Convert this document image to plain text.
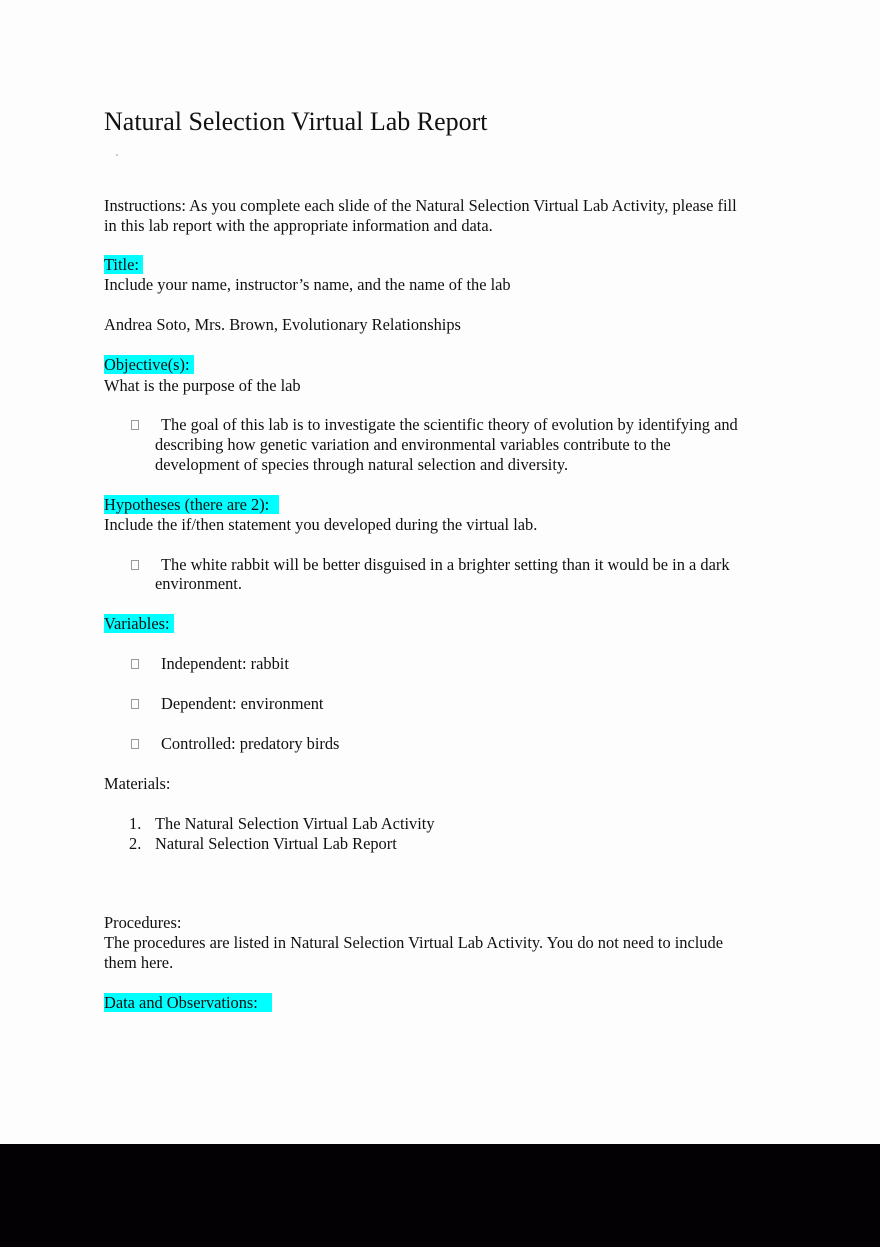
Natural Selection Virtual Lab Report
Instructions: As you complete each slide of the Natural Selection Virtual Lab Activity, please fill
in this lab report with the appropriate information and data.
Title:
Include your name, instructor’s name, and the name of the lab
Andrea Soto, Mrs. Brown, Evolutionary Relationships
Objective(s):
What is the purpose of the lab
The goal of this lab is to investigate the scientific theory of evolution by identifying and
describing how genetic variation and environmental variables contribute to the
development of species through natural selection and diversity.
Hypotheses (there are 2):
Include the if/then statement you developed during the virtual lab.
The white rabbit will be better disguised in a brighter setting than it would be in a dark
environment.
Variables:
Independent: rabbit
Dependent: environment
Controlled: predatory birds
Materials:
1. The Natural Selection Virtual Lab Activity
2. Natural Selection Virtual Lab Report
Procedures:
The procedures are listed in Natural Selection Virtual Lab Activity. You do not need to include
them here.
Data and Observations:
